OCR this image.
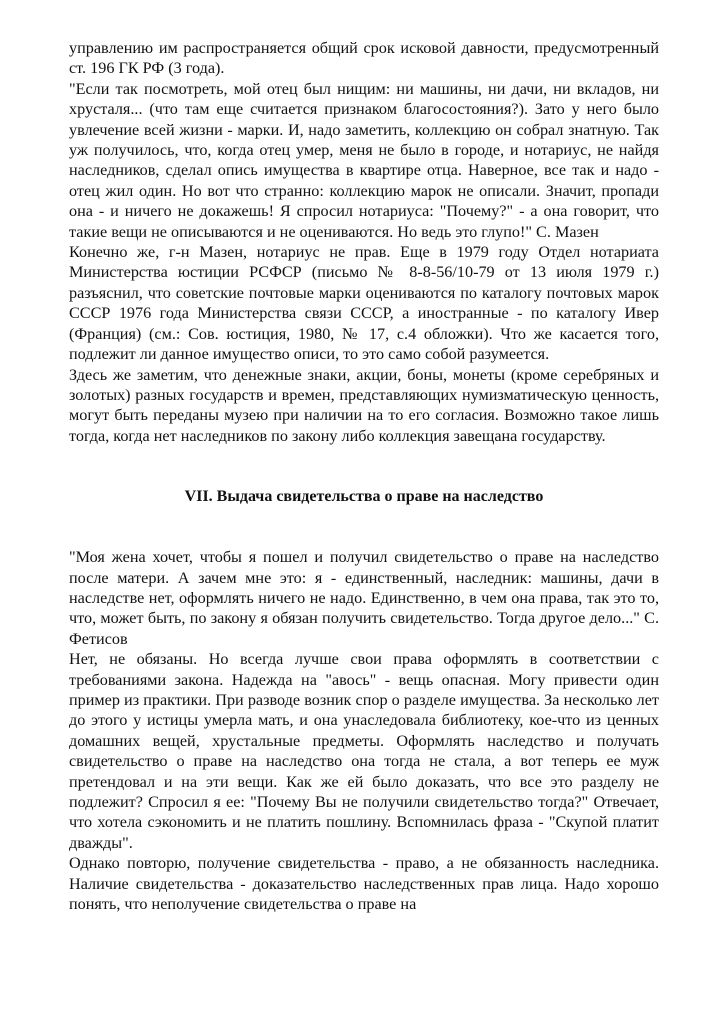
управлению им распространяется общий срок исковой давности, предусмотренный ст. 196 ГК РФ (3 года).

"Если так посмотреть, мой отец был нищим: ни машины, ни дачи, ни вкладов, ни хрусталя... (что там еще считается признаком благосостояния?). Зато у него было увлечение всей жизни - марки. И, надо заметить, коллекцию он собрал знатную. Так уж получилось, что, когда отец умер, меня не было в городе, и нотариус, не найдя наследников, сделал опись имущества в квартире отца. Наверное, все так и надо - отец жил один. Но вот что странно: коллекцию марок не описали. Значит, пропади она - и ничего не докажешь! Я спросил нотариуса: "Почему?" - а она говорит, что такие вещи не описываются и не оцениваются. Но ведь это глупо!" С. Мазен

Конечно же, г-н Мазен, нотариус не прав. Еще в 1979 году Отдел нотариата Министерства юстиции РСФСР (письмо № 8-8-56/10-79 от 13 июля 1979 г.) разъяснил, что советские почтовые марки оцениваются по каталогу почтовых марок СССР 1976 года Министерства связи СССР, а иностранные - по каталогу Ивер (Франция) (см.: Сов. юстиция, 1980, № 17, с.4 обложки). Что же касается того, подлежит ли данное имущество описи, то это само собой разумеется.

Здесь же заметим, что денежные знаки, акции, боны, монеты (кроме серебряных и золотых) разных государств и времен, представляющих нумизматическую ценность, могут быть переданы музею при наличии на то его согласия. Возможно такое лишь тогда, когда нет наследников по закону либо коллекция завещана государству.

VII. Выдача свидетельства о праве на наследство

"Моя жена хочет, чтобы я пошел и получил свидетельство о праве на наследство после матери. А зачем мне это: я - единственный, наследник: машины, дачи в наследстве нет, оформлять ничего не надо. Единственно, в чем она права, так это то, что, может быть, по закону я обязан получить свидетельство. Тогда другое дело..." С. Фетисов

Нет, не обязаны. Но всегда лучше свои права оформлять в соответствии с требованиями закона. Надежда на "авось" - вещь опасная. Могу привести один пример из практики. При разводе возник спор о разделе имущества. За несколько лет до этого у истицы умерла мать, и она унаследовала библиотеку, кое-что из ценных домашних вещей, хрустальные предметы. Оформлять наследство и получать свидетельство о праве на наследство она тогда не стала, а вот теперь ее муж претендовал и на эти вещи. Как же ей было доказать, что все это разделу не подлежит? Спросил я ее: "Почему Вы не получили свидетельство тогда?" Отвечает, что хотела сэкономить и не платить пошлину. Вспомнилась фраза - "Скупой платит дважды".

Однако повторю, получение свидетельства - право, а не обязанность наследника. Наличие свидетельства - доказательство наследственных прав лица. Надо хорошо понять, что неполучение свидетельства о праве на
